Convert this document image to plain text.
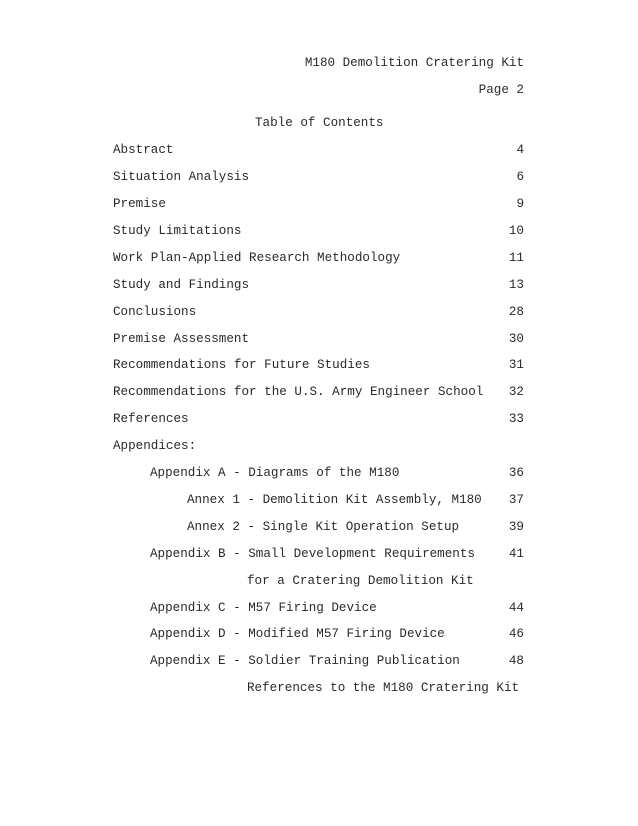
M180 Demolition Cratering Kit
Page 2
Table of Contents
Abstract	4
Situation Analysis	6
Premise	9
Study Limitations	10
Work Plan-Applied Research Methodology	11
Study and Findings	13
Conclusions	28
Premise Assessment	30
Recommendations for Future Studies	31
Recommendations for the U.S. Army Engineer School 32
References	33
Appendices:
Appendix A - Diagrams of the M180	36
Annex 1 - Demolition Kit Assembly, M180 37
Annex 2 - Single Kit Operation Setup	39
Appendix B - Small Development Requirements	41
for a Cratering Demolition Kit
Appendix C - M57 Firing Device	44
Appendix D - Modified M57 Firing Device	46
Appendix E - Soldier Training Publication	48
References to the M180 Cratering Kit
